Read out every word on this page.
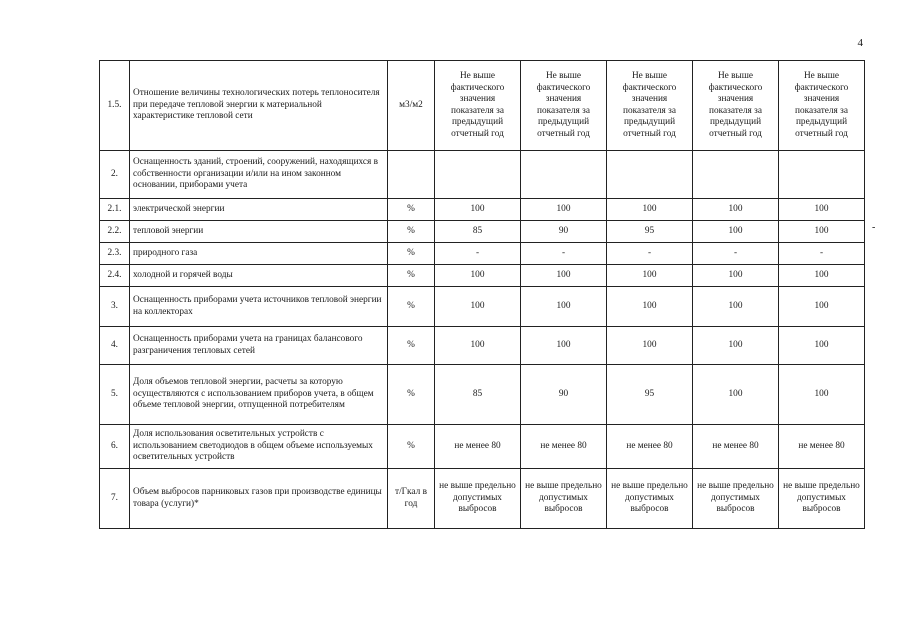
4
-
1.5.	Отношение величины технологических потерь теплоносителя при передаче тепловой энергии к материальной характеристике тепловой сети	м3/м2	Не выше фактического значения показателя за предыдущий отчетный год	Не выше фактического значения показателя за предыдущий отчетный год	Не выше фактического значения показателя за предыдущий отчетный год	Не выше фактического значения показателя за предыдущий отчетный год	Не выше фактического значения показателя за предыдущий отчетный год
2.	Оснащенность зданий, строений, сооружений, находящихся в собственности организации и/или на ином законном основании, приборами учета						
2.1.	электрической энергии	%	100	100	100	100	100
2.2.	тепловой энергии	%	85	90	95	100	100
2.3.	природного газа	%	-	-	-	-	-
2.4.	холодной и горячей воды	%	100	100	100	100	100
3.	Оснащенность приборами учета источников тепловой энергии на коллекторах	%	100	100	100	100	100
4.	Оснащенность приборами учета на границах балансового разграничения тепловых сетей	%	100	100	100	100	100
5.	Доля объемов тепловой энергии, расчеты за которую осуществляются с использованием приборов учета, в общем объеме тепловой энергии, отпущенной потребителям	%	85	90	95	100	100
6.	Доля использования осветительных устройств с использованием светодиодов в общем объеме используемых осветительных устройств	%	не менее 80	не менее 80	не менее 80	не менее 80	не менее 80
7.	Объем выбросов парниковых газов при производстве единицы товара (услуги)*	т/Гкал в год	не выше предельно допустимых выбросов	не выше предельно допустимых выбросов	не выше предельно допустимых выбросов	не выше предельно допустимых выбросов	не выше предельно допустимых выбросов
